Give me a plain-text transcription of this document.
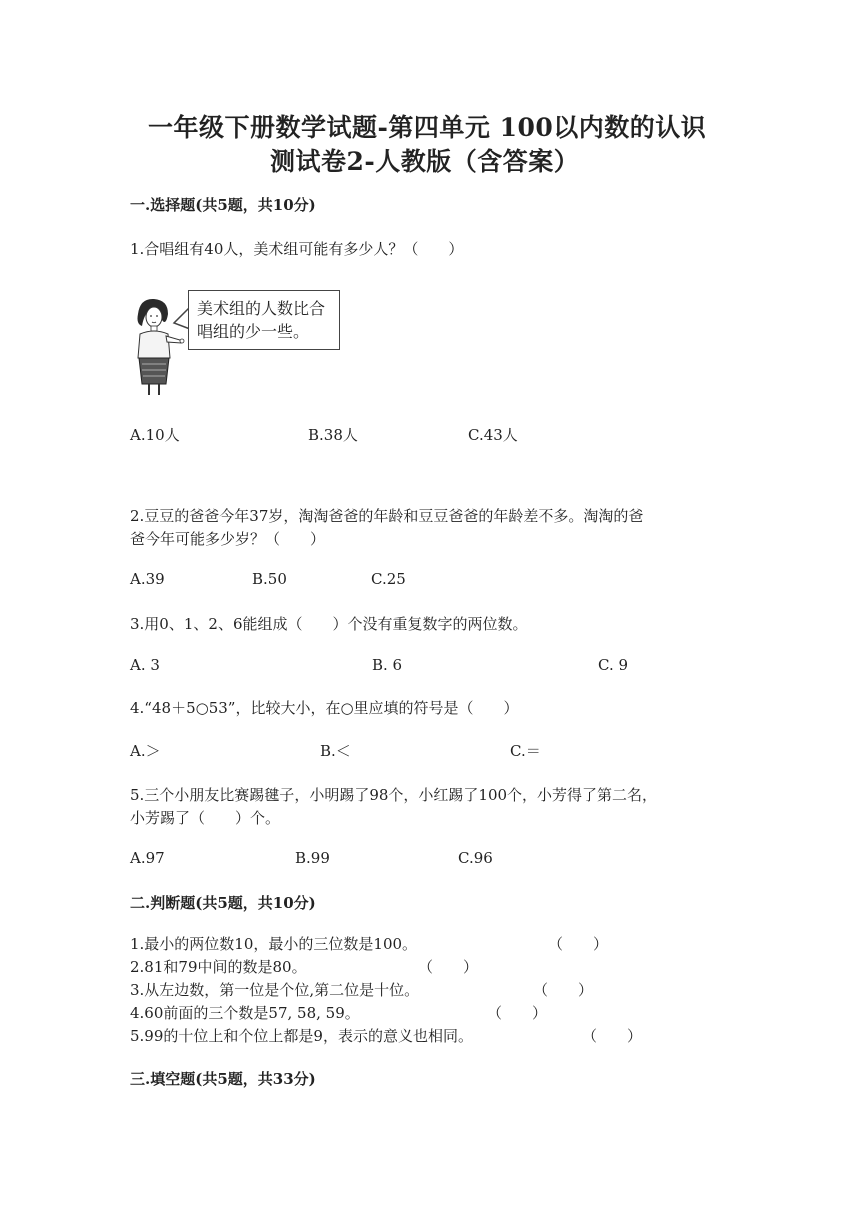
一年级下册数学试题-第四单元 100以内数的认识
测试卷2-人教版（含答案）
一.选择题(共5题，共10分)
1.合唱组有40人，美术组可能有多少人？（　　）
美术组的人数比合
唱组的少一些。
A.10人	B.38人	C.43人
2.豆豆的爸爸今年37岁，淘淘爸爸的年龄和豆豆爸爸的年龄差不多。淘淘的爸
爸今年可能多少岁？（　　）
A.39	B.50	C.25
3.用0、1、2、6能组成（　　）个没有重复数字的两位数。
A. 3	B. 6	C. 9
4.“48＋5○53”，比较大小，在○里应填的符号是（　　）
A.＞	B.＜	C.＝
5.三个小朋友比赛踢毽子，小明踢了98个，小红踢了100个，小芳得了第二名，
小芳踢了（　　）个。
A.97	B.99	C.96
二.判断题(共5题，共10分)
1.最小的两位数10，最小的三位数是100。	（　　）
2.81和79中间的数是80。	（　　）
3.从左边数，第一位是个位,第二位是十位。	（　　）
4.60前面的三个数是57, 58, 59。	（　　）
5.99的十位上和个位上都是9，表示的意义也相同。	（　　）
三.填空题(共5题，共33分)
